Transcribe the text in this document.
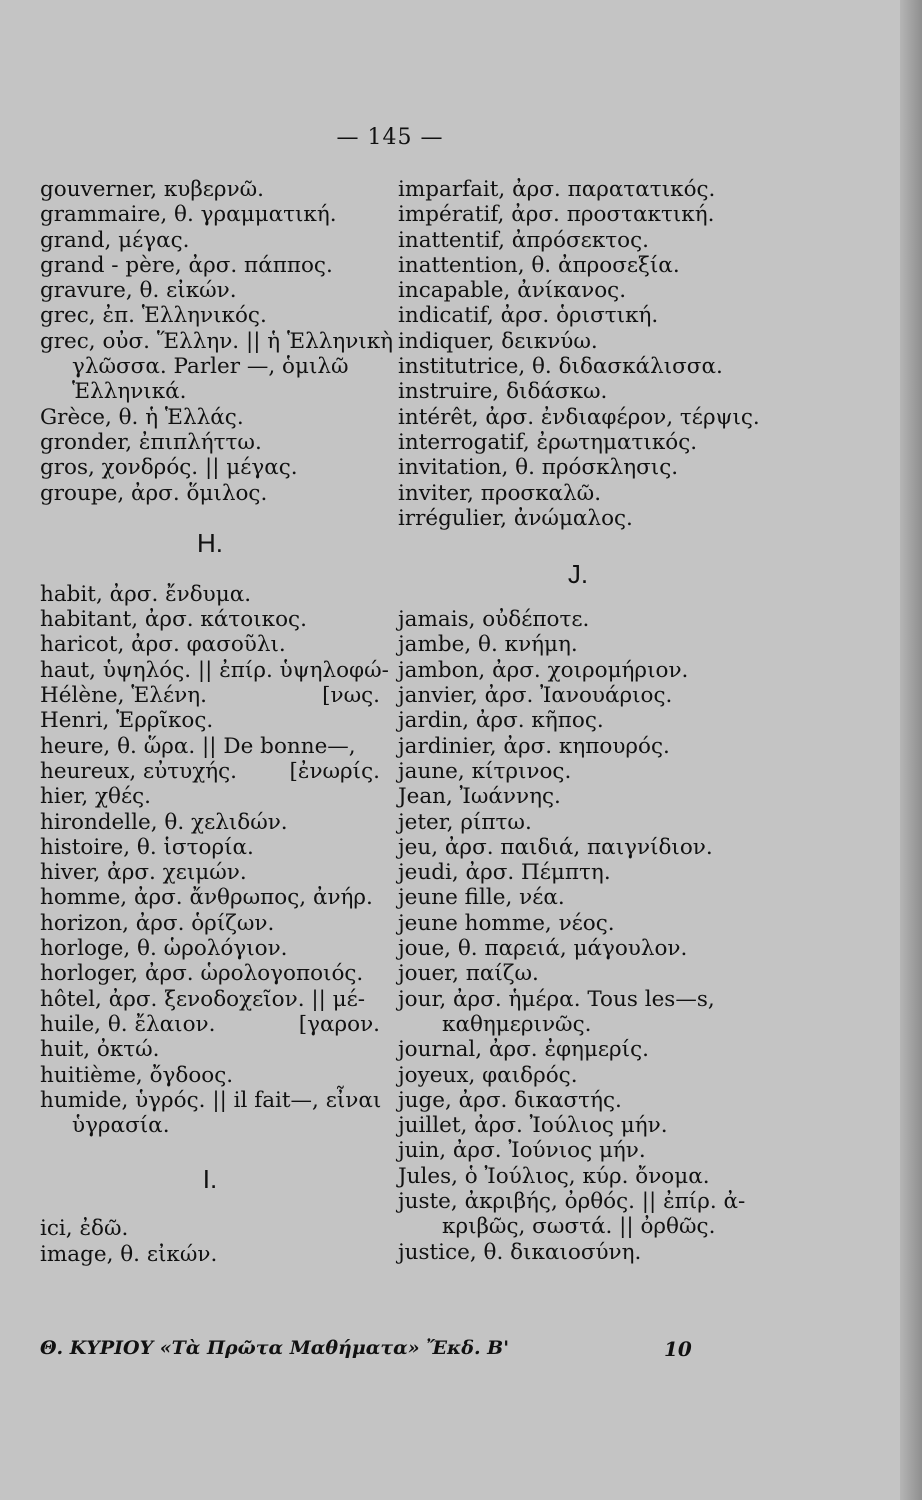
— 145 —
gouverner, κυβερνῶ.
grammaire, θ. γραμματική.
grand, μέγας.
grand - père, ἀρσ. πάππος.
gravure, θ. εἰκών.
grec, ἐπ. Ἑλληνικός.
grec, οὐσ. Ἕλλην. || ἡ Ἑλληνικὴ
γλῶσσα. Parler —, ὁμιλῶ
Ἑλληνικά.
Grèce, θ. ἡ Ἑλλάς.
gronder, ἐπιπλήττω.
gros, χονδρός. || μέγας.
groupe, ἀρσ. ὅμιλος.
H.
habit, ἀρσ. ἔνδυμα.
habitant, ἀρσ. κάτοικος.
haricot, ἀρσ. φασοῦλι.
haut, ὑψηλός. || ἐπίρ. ὑψηλοφώ-
Hélène, Ἑλένη.	[νως.
Henri, Ἑρρῖκος.
heure, θ. ὥρα. || De bonne—,
heureux, εὐτυχής. [ἐνωρίς.
hier, χθές.
hirondelle, θ. χελιδών.
histoire, θ. ἱστορία.
hiver, ἀρσ. χειμών.
homme, ἀρσ. ἄνθρωπος, ἀνήρ.
horizon, ἀρσ. ὁρίζων.
horloge, θ. ὡρολόγιον.
horloger, ἀρσ. ὡρολογοποιός.
hôtel, ἀρσ. ξενοδοχεῖον. || μέ-
huile, θ. ἔλαιον.	[γαρον.
huit, ὀκτώ.
huitième, ὄγδοος.
humide, ὑγρός. || il fait—, εἶναι
ὑγρασία.
I.
ici, ἐδῶ.
image, θ. εἰκών.
imparfait, ἀρσ. παρατατικός.
impératif, ἀρσ. προστακτική.
inattentif, ἀπρόσεκτος.
inattention, θ. ἀπροσεξία.
incapable, ἀνίκανος.
indicatif, ἀρσ. ὁριστική.
indiquer, δεικνύω.
institutrice, θ. διδασκάλισσα.
instruire, διδάσκω.
intérêt, ἀρσ. ἐνδιαφέρον, τέρψις.
interrogatif, ἐρωτηματικός.
invitation, θ. πρόσκλησις.
inviter, προσκαλῶ.
irrégulier, ἀνώμαλος.
J.
jamais, οὐδέποτε.
jambe, θ. κνήμη.
jambon, ἀρσ. χοιρομήριον.
janvier, ἀρσ. Ἰανουάριος.
jardin, ἀρσ. κῆπος.
jardinier, ἀρσ. κηπουρός.
jaune, κίτρινος.
Jean, Ἰωάννης.
jeter, ρίπτω.
jeu, ἀρσ. παιδιά, παιγνίδιον.
jeudi, ἀρσ. Πέμπτη.
jeune fille, νέα.
jeune homme, νέος.
joue, θ. παρειά, μάγουλον.
jouer, παίζω.
jour, ἀρσ. ἡμέρα. Tous les—s,
καθημερινῶς.
journal, ἀρσ. ἐφημερίς.
joyeux, φαιδρός.
juge, ἀρσ. δικαστής.
juillet, ἀρσ. Ἰούλιος μήν.
juin, ἀρσ. Ἰούνιος μήν.
Jules, ὁ Ἰούλιος, κύρ. ὄνομα.
juste, ἀκριβής, ὀρθός. || ἐπίρ. ἀ-
κριβῶς, σωστά. || ὀρθῶς.
justice, θ. δικαιοσύνη.
Θ. ΚΥΡΙΟΥ «Τὰ Πρῶτα Μαθήματα» Ἔκδ. Β'	10
